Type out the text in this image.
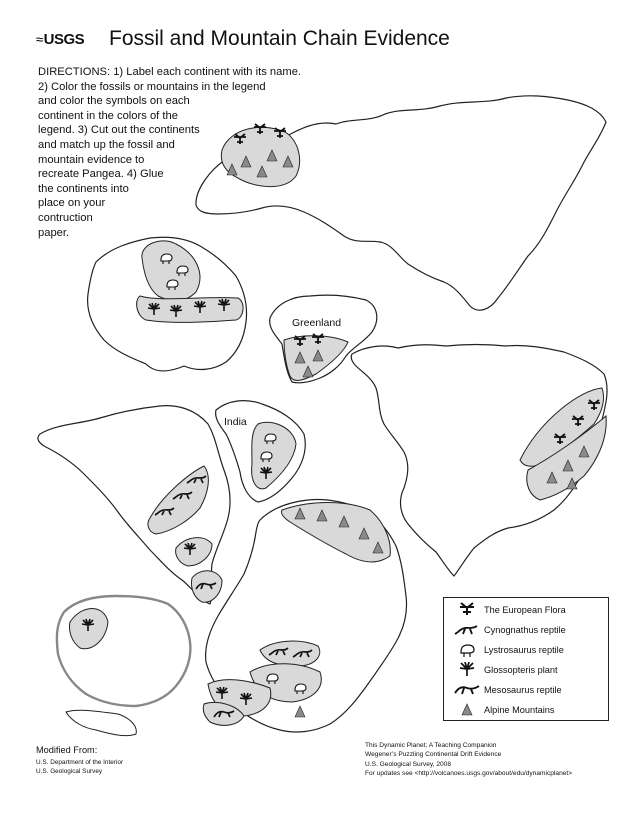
≈ USGS Fossil and Mountain Chain Evidence
DIRECTIONS: 1) Label each continent with its name.
2) Color the fossils or mountains in the legend
and color the symbols on each
continent in the colors of the
legend. 3) Cut out the continents
and match up the fossil and
mountain evidence to
recreate Pangea. 4) Glue
the continents into
place on your
contruction
paper.
Greenland
India
The European Flora
Cynognathus reptile
Lystrosaurus reptile
Glossopteris plant
Mesosaurus reptile
Alpine Mountains
Modified From:
U.S. Department of the Interior
U.S. Geological Survey
This Dynamic Planet; A Teaching Companion
Wegener’s Puzzling Continental Drift Evidence
U.S. Geological Survey, 2008
For updates see <http://volcanoes.usgs.gov/about/edu/dynamicplanet>
